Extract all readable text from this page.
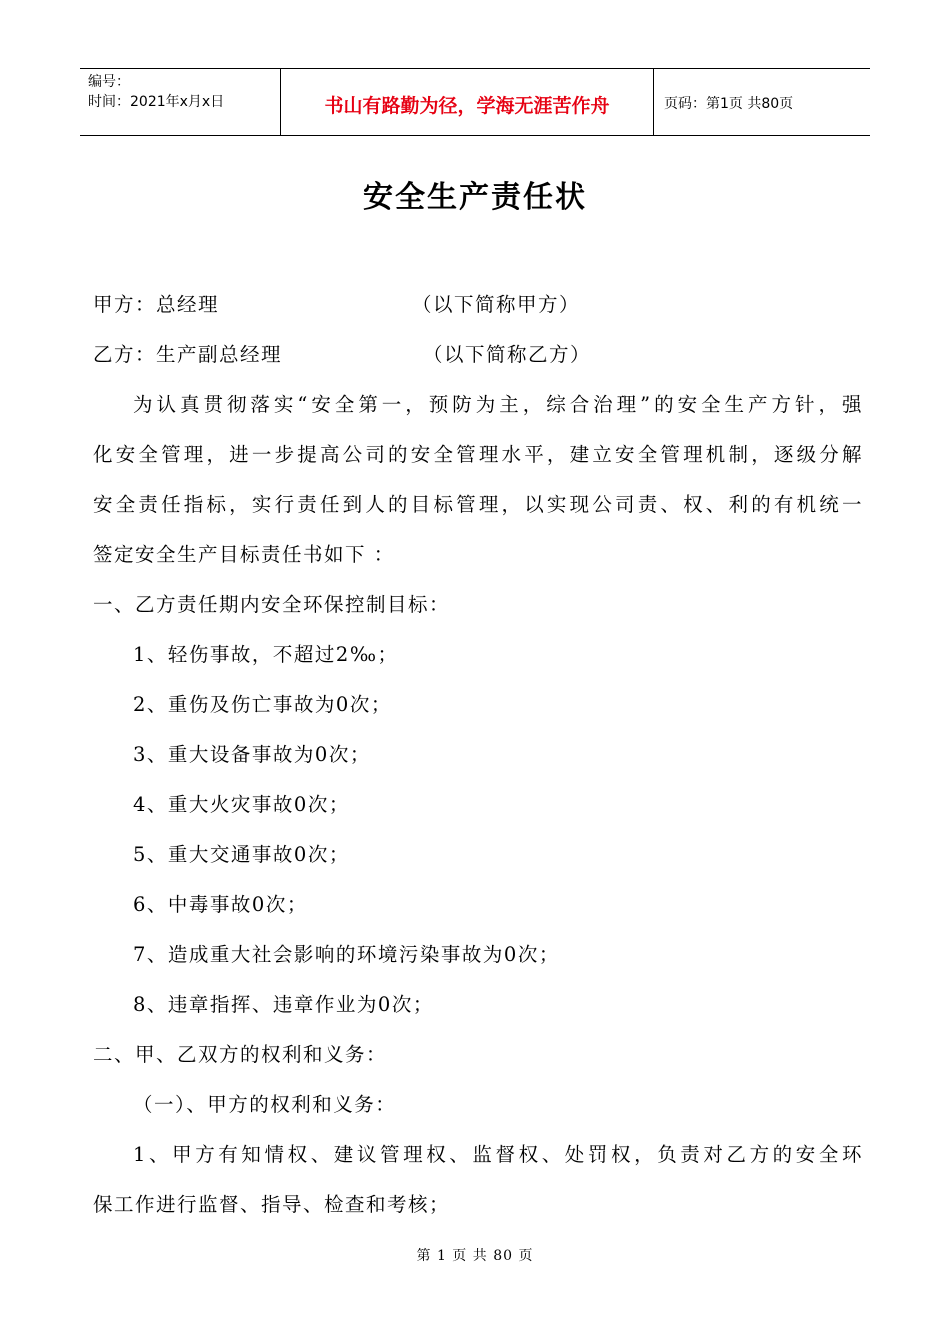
编号：
时间：2021年x月x日	书山有路勤为径，学海无涯苦作舟	页码：第1页 共80页
安全生产责任状
甲方：总经理	（以下简称甲方）
乙方：生产副总经理	（以下简称乙方）
为认真贯彻落实“安全第一，预防为主，综合治理”的安全生产方针，强
化安全管理，进一步提高公司的安全管理水平，建立安全管理机制，逐级分解
安全责任指标，实行责任到人的目标管理，以实现公司责、权、利的有机统一
签定安全生产目标责任书如下 ：
一、乙方责任期内安全环保控制目标：
1、轻伤事故，不超过2‰；
2、重伤及伤亡事故为0次；
3、重大设备事故为0次；
4、重大火灾事故0次；
5、重大交通事故0次；
6、中毒事故0次；
7、造成重大社会影响的环境污染事故为0次；
8、违章指挥、违章作业为0次；
二、甲、乙双方的权利和义务：
（一）、甲方的权利和义务：
1、甲方有知情权、建议管理权、监督权、处罚权，负责对乙方的安全环
保工作进行监督、指导、检查和考核；
第 1 页 共 80 页
